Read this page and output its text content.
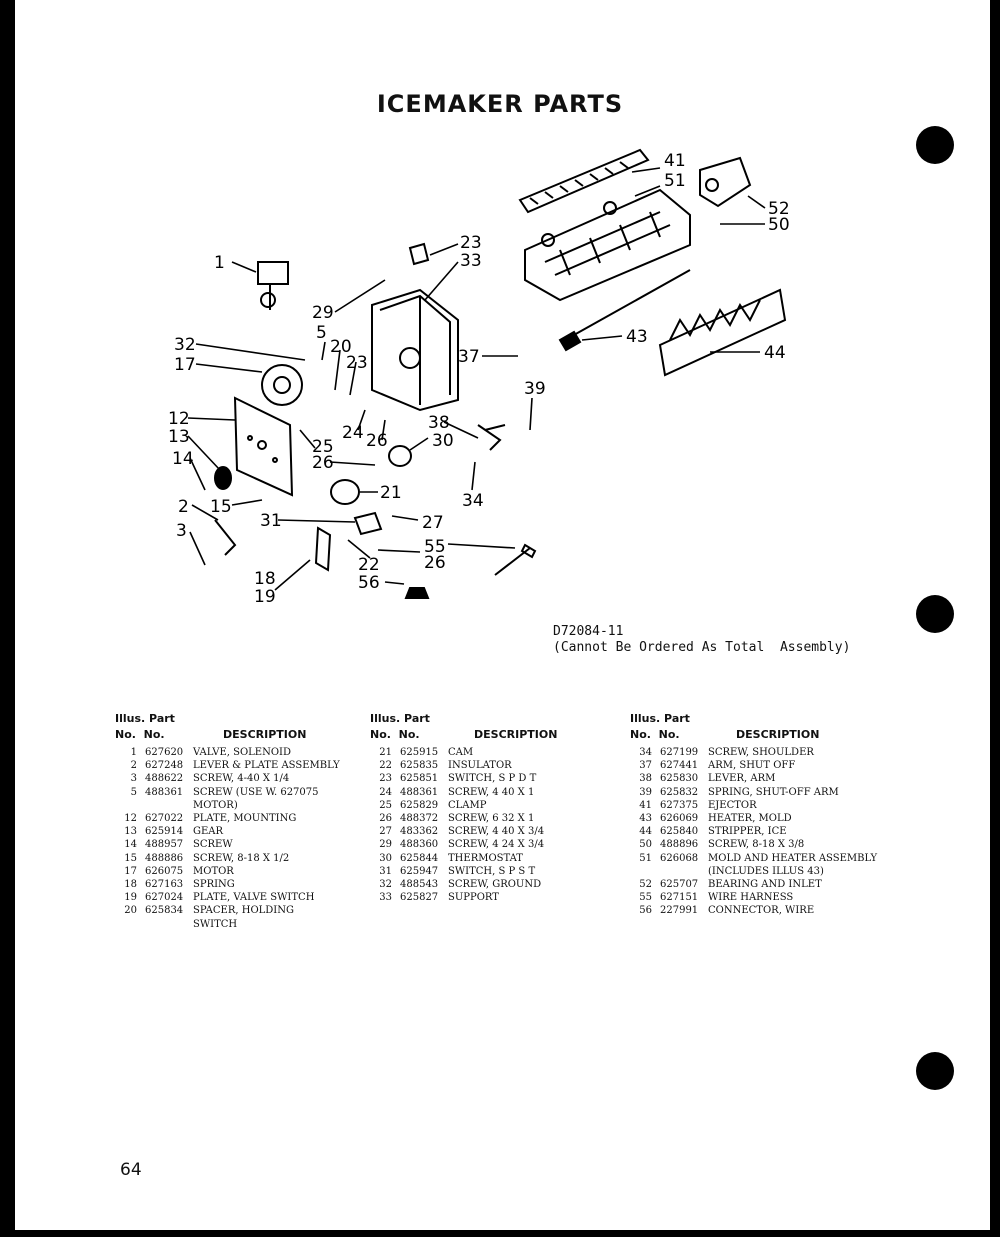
ICEMAKER PARTS
1
41
51
52
50
23
33
29
5
32	20
17	23	37
43
44
39
12
13
14
25
24 26	30
38
26
2 15
21
31	27
3
22	26
55
18
19
56
34
D72084-11
(Cannot Be Ordered As Total  Assembly)
Illus. Part
No. No.	DESCRIPTION
1 627620 VALVE, SOLENOID
2 627248 LEVER & PLATE ASSEMBLY
3 488622 SCREW, 4-40 X 1/4
5 488361 SCREW (USE W. 627075
MOTOR)
12 627022 PLATE, MOUNTING
13 625914 GEAR
14 488957 SCREW
15 488886 SCREW, 8-18 X 1/2
17 626075 MOTOR
18 627163 SPRING
19 627024 PLATE, VALVE SWITCH
20 625834 SPACER, HOLDING
SWITCH
Illus. Part
No. No.	DESCRIPTION
21 625915 CAM
22 625835 INSULATOR
23 625851 SWITCH, S P D T
24 488361 SCREW, 4 40 X 1
25 625829 CLAMP
26 488372 SCREW, 6 32 X 1
27 483362 SCREW, 4 40 X 3/4
29 488360 SCREW, 4 24 X 3/4
30 625844 THERMOSTAT
31 625947 SWITCH, S P S T
32 488543 SCREW, GROUND
33 625827 SUPPORT
Illus. Part
No. No.	DESCRIPTION
34 627199 SCREW, SHOULDER
37 627441 ARM, SHUT OFF
38 625830 LEVER, ARM
39 625832 SPRING, SHUT-OFF ARM
41 627375 EJECTOR
43 626069 HEATER, MOLD
44 625840 STRIPPER, ICE
50 488896 SCREW, 8-18 X 3/8
51 626068 MOLD AND HEATER ASSEMBLY
(INCLUDES ILLUS 43)
52 625707 BEARING AND INLET
55 627151 WIRE HARNESS
56 227991 CONNECTOR, WIRE
64
